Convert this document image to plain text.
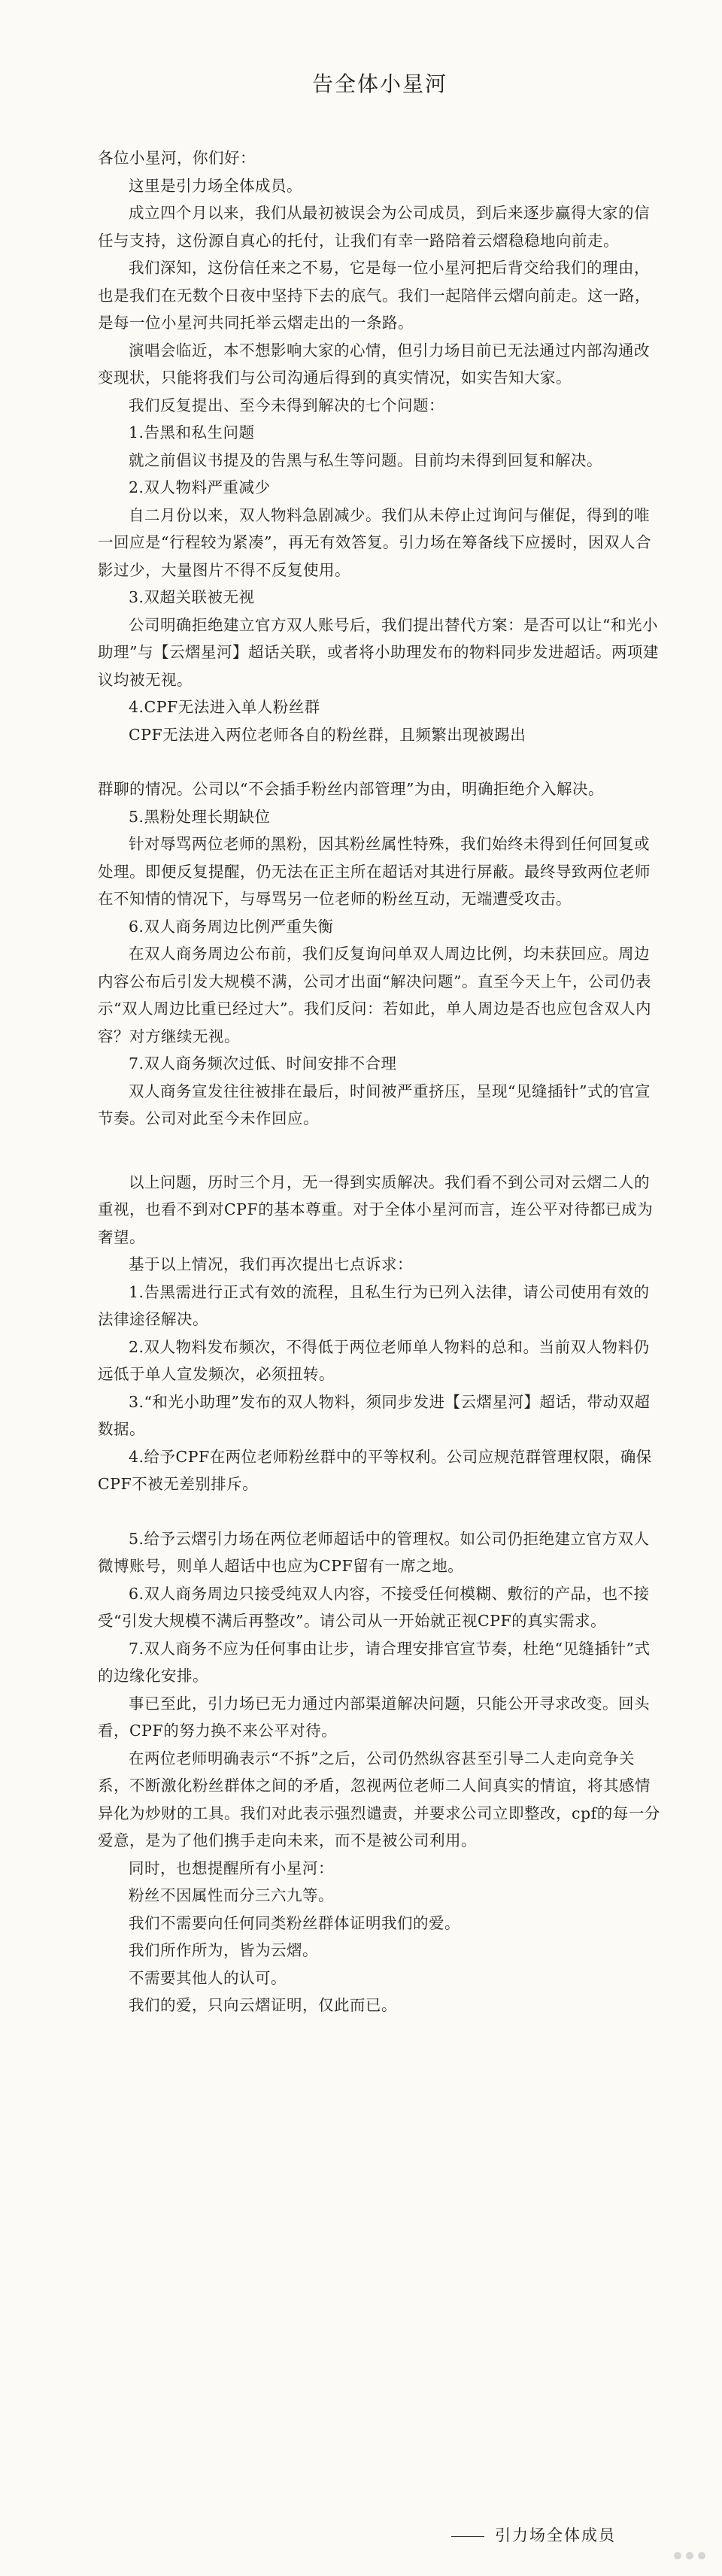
告全体小星河

各位小星河，你们好：

这里是引力场全体成员。

成立四个月以来，我们从最初被误会为公司成员，到后来逐步赢得大家的信任与支持，这份源自真心的托付，让我们有幸一路陪着云熠稳稳地向前走。

我们深知，这份信任来之不易，它是每一位小星河把后背交给我们的理由，也是我们在无数个日夜中坚持下去的底气。我们一起陪伴云熠向前走。这一路，是每一位小星河共同托举云熠走出的一条路。

演唱会临近，本不想影响大家的心情，但引力场目前已无法通过内部沟通改变现状，只能将我们与公司沟通后得到的真实情况，如实告知大家。

我们反复提出、至今未得到解决的七个问题：

1.告黑和私生问题

就之前倡议书提及的告黑与私生等问题。目前均未得到回复和解决。

2.双人物料严重减少

自二月份以来，双人物料急剧减少。我们从未停止过询问与催促，得到的唯一回应是“行程较为紧凑”，再无有效答复。引力场在筹备线下应援时，因双人合影过少，大量图片不得不反复使用。

3.双超关联被无视

公司明确拒绝建立官方双人账号后，我们提出替代方案：是否可以让“和光小助理”与【云熠星河】超话关联，或者将小助理发布的物料同步发进超话。两项建议均被无视。

4.CPF无法进入单人粉丝群

CPF无法进入两位老师各自的粉丝群，且频繁出现被踢出

群聊的情况。公司以“不会插手粉丝内部管理”为由，明确拒绝介入解决。

5.黑粉处理长期缺位

针对辱骂两位老师的黑粉，因其粉丝属性特殊，我们始终未得到任何回复或处理。即便反复提醒，仍无法在正主所在超话对其进行屏蔽。最终导致两位老师在不知情的情况下，与辱骂另一位老师的粉丝互动，无端遭受攻击。

6.双人商务周边比例严重失衡

在双人商务周边公布前，我们反复询问单双人周边比例，均未获回应。周边内容公布后引发大规模不满，公司才出面“解决问题”。直至今天上午，公司仍表示“双人周边比重已经过大”。我们反问：若如此，单人周边是否也应包含双人内容？对方继续无视。

7.双人商务频次过低、时间安排不合理

双人商务宣发往往被排在最后，时间被严重挤压，呈现“见缝插针”式的官宣节奏。公司对此至今未作回应。

以上问题，历时三个月，无一得到实质解决。我们看不到公司对云熠二人的重视，也看不到对CPF的基本尊重。对于全体小星河而言，连公平对待都已成为奢望。

基于以上情况，我们再次提出七点诉求：

1.告黑需进行正式有效的流程，且私生行为已列入法律，请公司使用有效的法律途径解决。

2.双人物料发布频次，不得低于两位老师单人物料的总和。当前双人物料仍远低于单人宣发频次，必须扭转。

3.“和光小助理”发布的双人物料，须同步发进【云熠星河】超话，带动双超数据。

4.给予CPF在两位老师粉丝群中的平等权利。公司应规范群管理权限，确保CPF不被无差别排斥。

5.给予云熠引力场在两位老师超话中的管理权。如公司仍拒绝建立官方双人微博账号，则单人超话中也应为CPF留有一席之地。

6.双人商务周边只接受纯双人内容，不接受任何模糊、敷衍的产品，也不接受“引发大规模不满后再整改”。请公司从一开始就正视CPF的真实需求。

7.双人商务不应为任何事由让步，请合理安排官宣节奏，杜绝“见缝插针”式的边缘化安排。

事已至此，引力场已无力通过内部渠道解决问题，只能公开寻求改变。回头看，CPF的努力换不来公平对待。

在两位老师明确表示“不拆”之后，公司仍然纵容甚至引导二人走向竞争关系，不断激化粉丝群体之间的矛盾，忽视两位老师二人间真实的情谊，将其感情异化为炒财的工具。我们对此表示强烈谴责，并要求公司立即整改，cpf的每一分爱意，是为了他们携手走向未来，而不是被公司利用。

同时，也想提醒所有小星河：

粉丝不因属性而分三六九等。

我们不需要向任何同类粉丝群体证明我们的爱。

我们所作所为，皆为云熠。

不需要其他人的认可。

我们的爱，只向云熠证明，仅此而已。

引力场全体成员
